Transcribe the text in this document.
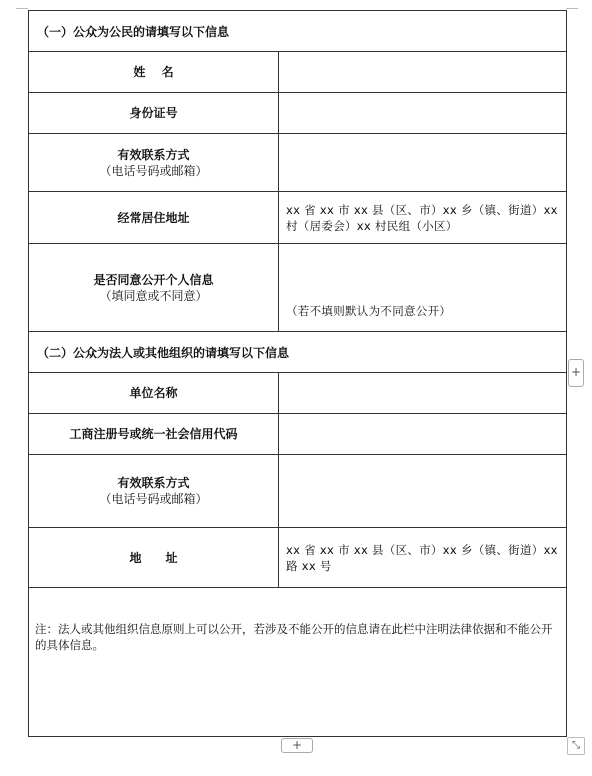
（一）公众为公民的请填写以下信息	

姓　 名	

身份证号	

有效联系方式
（电话号码或邮箱）	

经常居住地址	xx 省 xx 市 xx 县（区、市）xx 乡（镇、街道）xx 村（居委会）xx 村民组（小区）

是否同意公开个人信息
（填同意或不同意）	（若不填则默认为不同意公开）
（二）公众为法人或其他组织的请填写以下信息	

单位名称	

工商注册号或统一社会信用代码	

有效联系方式
（电话号码或邮箱）	

地　　址	xx 省 xx 市 xx 县（区、市）xx 乡（镇、街道）xx 路 xx 号
注：法人或其他组织信息原则上可以公开，若涉及不能公开的信息请在此栏中注明法律依据和不能公开的具体信息。	
+
+	⤡
